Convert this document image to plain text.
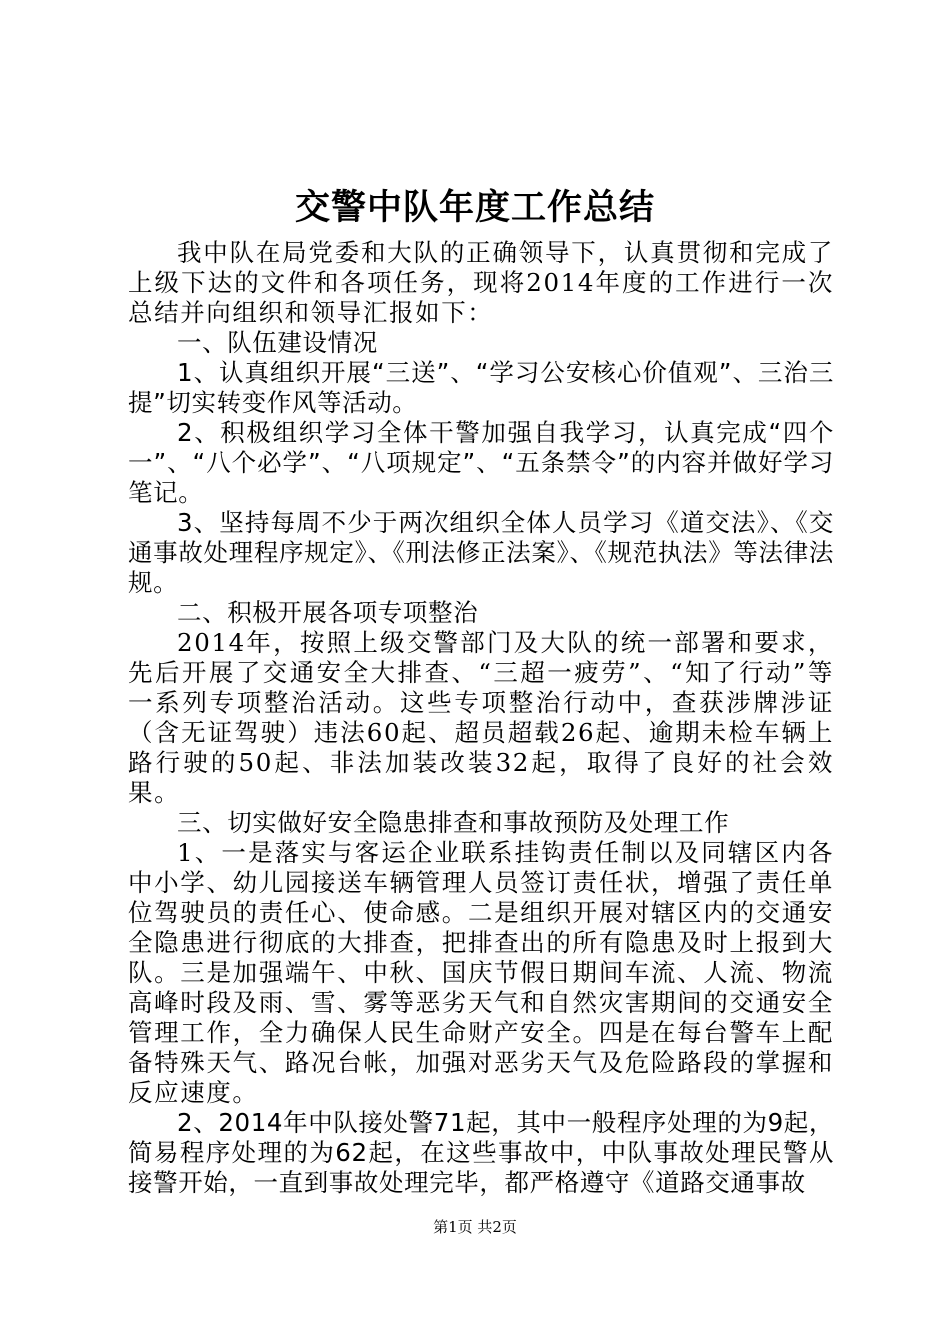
交警中队年度工作总结

我中队在局党委和大队的正确领导下，认真贯彻和完成了上级下达的文件和各项任务，现将2014年度的工作进行一次总结并向组织和领导汇报如下：

一、队伍建设情况

1、认真组织开展“三送”、“学习公安核心价值观”、三治三提”切实转变作风等活动。

2、积极组织学习全体干警加强自我学习，认真完成“四个一”、“八个必学”、“八项规定”、“五条禁令”的内容并做好学习笔记。

3、坚持每周不少于两次组织全体人员学习《道交法》、《交通事故处理程序规定》、《刑法修正法案》、《规范执法》等法律法规。

二、积极开展各项专项整治

2014年，按照上级交警部门及大队的统一部署和要求，先后开展了交通安全大排查、“三超一疲劳”、“知了行动”等一系列专项整治活动。这些专项整治行动中，查获涉牌涉证（含无证驾驶）违法60起、超员超载26起、逾期未检车辆上路行驶的50起、非法加装改装32起，取得了良好的社会效果。

三、切实做好安全隐患排查和事故预防及处理工作

1、一是落实与客运企业联系挂钩责任制以及同辖区内各中小学、幼儿园接送车辆管理人员签订责任状，增强了责任单位驾驶员的责任心、使命感。二是组织开展对辖区内的交通安全隐患进行彻底的大排查，把排查出的所有隐患及时上报到大队。三是加强端午、中秋、国庆节假日期间车流、人流、物流高峰时段及雨、雪、雾等恶劣天气和自然灾害期间的交通安全管理工作，全力确保人民生命财产安全。四是在每台警车上配备特殊天气、路况台帐，加强对恶劣天气及危险路段的掌握和反应速度。

2、2014年中队接处警71起，其中一般程序处理的为9起，简易程序处理的为62起，在这些事故中，中队事故处理民警从接警开始，一直到事故处理完毕，都严格遵守《道路交通事故

第1页 共2页
